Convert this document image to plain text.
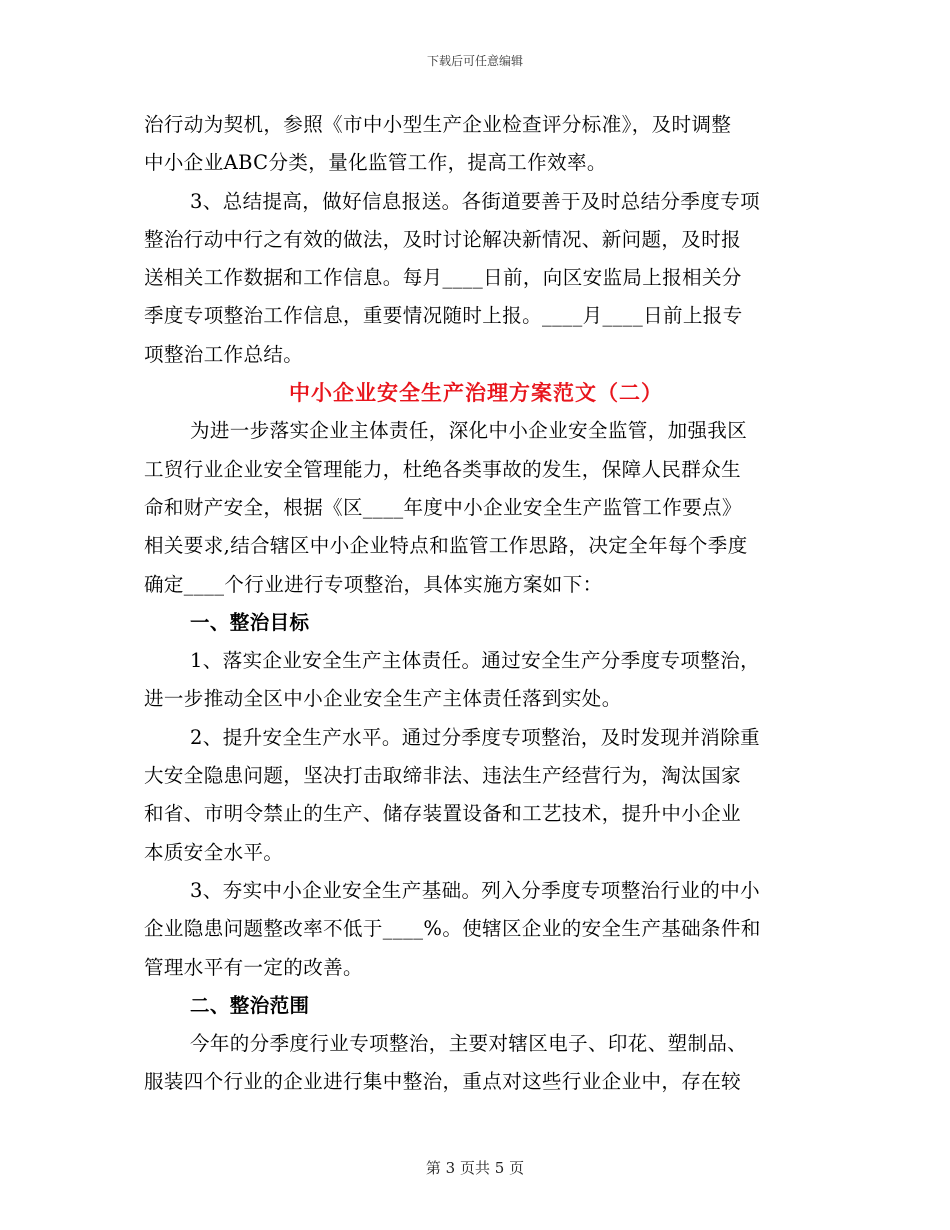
下载后可任意编辑
治行动为契机，参照《市中小型生产企业检查评分标准》，及时调整
中小企业ABC分类，量化监管工作，提高工作效率。
3、总结提高，做好信息报送。各街道要善于及时总结分季度专项
整治行动中行之有效的做法，及时讨论解决新情况、新问题，及时报
送相关工作数据和工作信息。每月____日前，向区安监局上报相关分
季度专项整治工作信息，重要情况随时上报。____月____日前上报专
项整治工作总结。
中小企业安全生产治理方案范文（二）
为进一步落实企业主体责任，深化中小企业安全监管，加强我区
工贸行业企业安全管理能力，杜绝各类事故的发生，保障人民群众生
命和财产安全，根据《区____年度中小企业安全生产监管工作要点》
相关要求,结合辖区中小企业特点和监管工作思路，决定全年每个季度
确定____个行业进行专项整治，具体实施方案如下：
一、整治目标
1、落实企业安全生产主体责任。通过安全生产分季度专项整治，
进一步推动全区中小企业安全生产主体责任落到实处。
2、提升安全生产水平。通过分季度专项整治，及时发现并消除重
大安全隐患问题，坚决打击取缔非法、违法生产经营行为，淘汰国家
和省、市明令禁止的生产、储存装置设备和工艺技术，提升中小企业
本质安全水平。
3、夯实中小企业安全生产基础。列入分季度专项整治行业的中小
企业隐患问题整改率不低于____%。使辖区企业的安全生产基础条件和
管理水平有一定的改善。
二、整治范围
今年的分季度行业专项整治，主要对辖区电子、印花、塑制品、
服装四个行业的企业进行集中整治，重点对这些行业企业中，存在较
第 3 页共 5 页
